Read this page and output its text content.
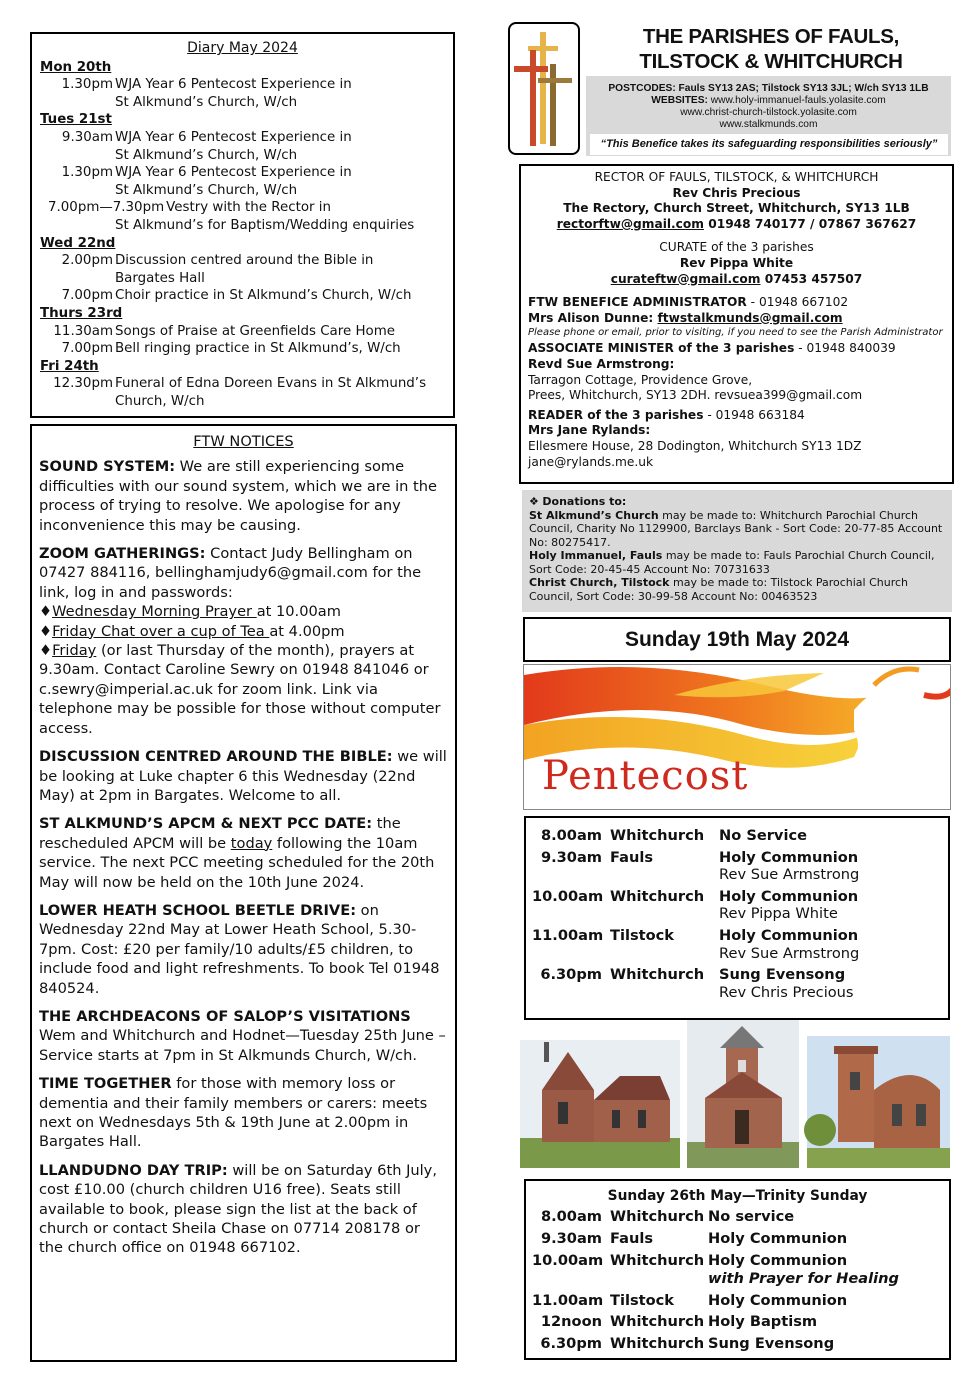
Diary May 2024
Mon 20th
1.30pm WJA Year 6 Pentecost Experience in
St Alkmund’s Church, W/ch
Tues 21st
9.30am WJA Year 6 Pentecost Experience in
St Alkmund’s Church, W/ch
1.30pm WJA Year 6 Pentecost Experience in
St Alkmund’s Church, W/ch
7.00pm—7.30pm Vestry with the Rector in
St Alkmund’s for Baptism/Wedding enquiries
Wed 22nd
2.00pm Discussion centred around the Bible in
Bargates Hall
7.00pm Choir practice in St Alkmund’s Church, W/ch
Thurs 23rd
11.30am Songs of Praise at Greenfields Care Home
7.00pm Bell ringing practice in St Alkmund’s, W/ch
Fri 24th
12.30pm Funeral of Edna Doreen Evans in St Alkmund’s
Church, W/ch
FTW NOTICES

SOUND SYSTEM: We are still experiencing some difficulties with our sound system, which we are in the process of trying to resolve. We apologise for any inconvenience this may be causing.

ZOOM GATHERINGS: Contact Judy Bellingham on 07427 884116, bellinghamjudy6@gmail.com for the link, log in and passwords:

♦Wednesday Morning Prayer at 10.00am
♦Friday Chat over a cup of Tea at 4.00pm

♦Friday (or last Thursday of the month), prayers at 9.30am. Contact Caroline Sewry on 01948 841046 or c.sewry@imperial.ac.uk for zoom link. Link via telephone may be possible for those without computer access.

DISCUSSION CENTRED AROUND THE BIBLE: we will be looking at Luke chapter 6 this Wednesday (22nd May) at 2pm in Bargates. Welcome to all.

ST ALKMUND’S APCM & NEXT PCC DATE: the rescheduled APCM will be today following the 10am service. The next PCC meeting scheduled for the 20th May will now be held on the 10th June 2024.

LOWER HEATH SCHOOL BEETLE DRIVE: on Wednesday 22nd May at Lower Heath School, 5.30-7pm. Cost: £20 per family/10 adults/£5 children, to include food and light refreshments. To book Tel 01948 840524.

THE ARCHDEACONS OF SALOP’S VISITATIONS
Wem and Whitchurch and Hodnet—Tuesday 25th June – Service starts at 7pm in St Alkmunds Church, W/ch.

TIME TOGETHER for those with memory loss or dementia and their family members or carers: meets next on Wednesdays 5th & 19th June at 2.00pm in Bargates Hall.

LLANDUDNO DAY TRIP: will be on Saturday 6th July, cost £10.00 (church children U16 free). Seats still available to book, please sign the list at the back of church or contact Sheila Chase on 07714 208178 or the church office on 01948 667102.

THE PARISHES OF FAULS,
TILSTOCK & WHITCHURCH
POSTCODES: Fauls SY13 2AS; Tilstock SY13 3JL; W/ch SY13 1LB
WEBSITES: www.holy-immanuel-fauls.yolasite.com
www.christ-church-tilstock.yolasite.com
www.stalkmunds.com
“This Benefice takes its safeguarding responsibilities seriously”
RECTOR OF FAULS, TILSTOCK, & WHITCHURCH
Rev Chris Precious
The Rectory, Church Street, Whitchurch, SY13 1LB
rectorftw@gmail.com 01948 740177 / 07867 367627
CURATE of the 3 parishes
Rev Pippa White
curateftw@gmail.com 07453 457507
FTW BENEFICE ADMINISTRATOR - 01948 667102
Mrs Alison Dunne: ftwstalkmunds@gmail.com
Please phone or email, prior to visiting, if you need to see the Parish Administrator
ASSOCIATE MINISTER of the 3 parishes - 01948 840039
Revd Sue Armstrong:
Tarragon Cottage, Providence Grove,
Prees, Whitchurch, SY13 2DH. revsuea399@gmail.com
READER of the 3 parishes - 01948 663184
Mrs Jane Rylands:
Ellesmere House, 28 Dodington, Whitchurch SY13 1DZ
jane@rylands.me.uk
❖ Donations to:
St Alkmund’s Church may be made to: Whitchurch Parochial Church Council, Charity No 1129900, Barclays Bank - Sort Code: 20-77-85 Account No: 80275417.
Holy Immanuel, Fauls may be made to: Fauls Parochial Church Council, Sort Code: 20-45-45 Account No: 70731633
Christ Church, Tilstock may be made to: Tilstock Parochial Church Council, Sort Code: 30-99-58 Account No: 00463523
Sunday 19th May 2024
Pentecost
8.00am Whitchurch No Service
9.30am Fauls	Holy Communion
Rev Sue Armstrong
10.00am Whitchurch Holy Communion
Rev Pippa White
11.00am Tilstock	Holy Communion
Rev Sue Armstrong
6.30pm Whitchurch Sung Evensong
Rev Chris Precious
Sunday 26th May—Trinity Sunday
8.00am Whitchurch No service
9.30am Fauls	Holy Communion
10.00am Whitchurch Holy Communion
with Prayer for Healing
11.00am Tilstock Holy Communion
12noon Whitchurch Holy Baptism
6.30pm Whitchurch Sung Evensong
